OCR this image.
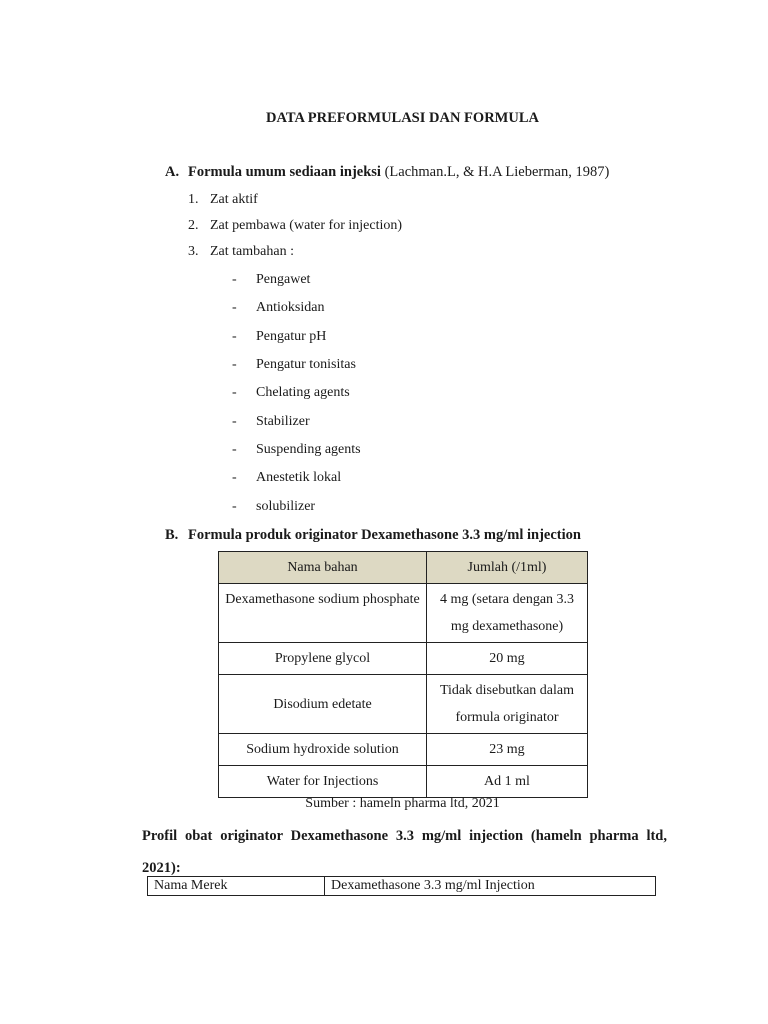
DATA PREFORMULASI DAN FORMULA
A. Formula umum sediaan injeksi (Lachman.L, & H.A Lieberman, 1987)
1. Zat aktif
2. Zat pembawa (water for injection)
3. Zat tambahan :
- Pengawet
- Antioksidan
- Pengatur pH
- Pengatur tonisitas
- Chelating agents
- Stabilizer
- Suspending agents
- Anestetik lokal
- solubilizer
B. Formula produk originator Dexamethasone 3.3 mg/ml injection
Nama bahan	Jumlah (/1ml)
Dexamethasone sodium phosphate	4 mg (setara dengan 3.3 mg dexamethasone)
Propylene glycol	20 mg
Disodium edetate	Tidak disebutkan dalam formula originator
Sodium hydroxide solution	23 mg
Water for Injections	Ad 1 ml
Sumber : hameln pharma ltd, 2021
Profil obat originator Dexamethasone 3.3 mg/ml injection (hameln pharma ltd, 2021):
Nama Merek	Dexamethasone 3.3 mg/ml Injection
